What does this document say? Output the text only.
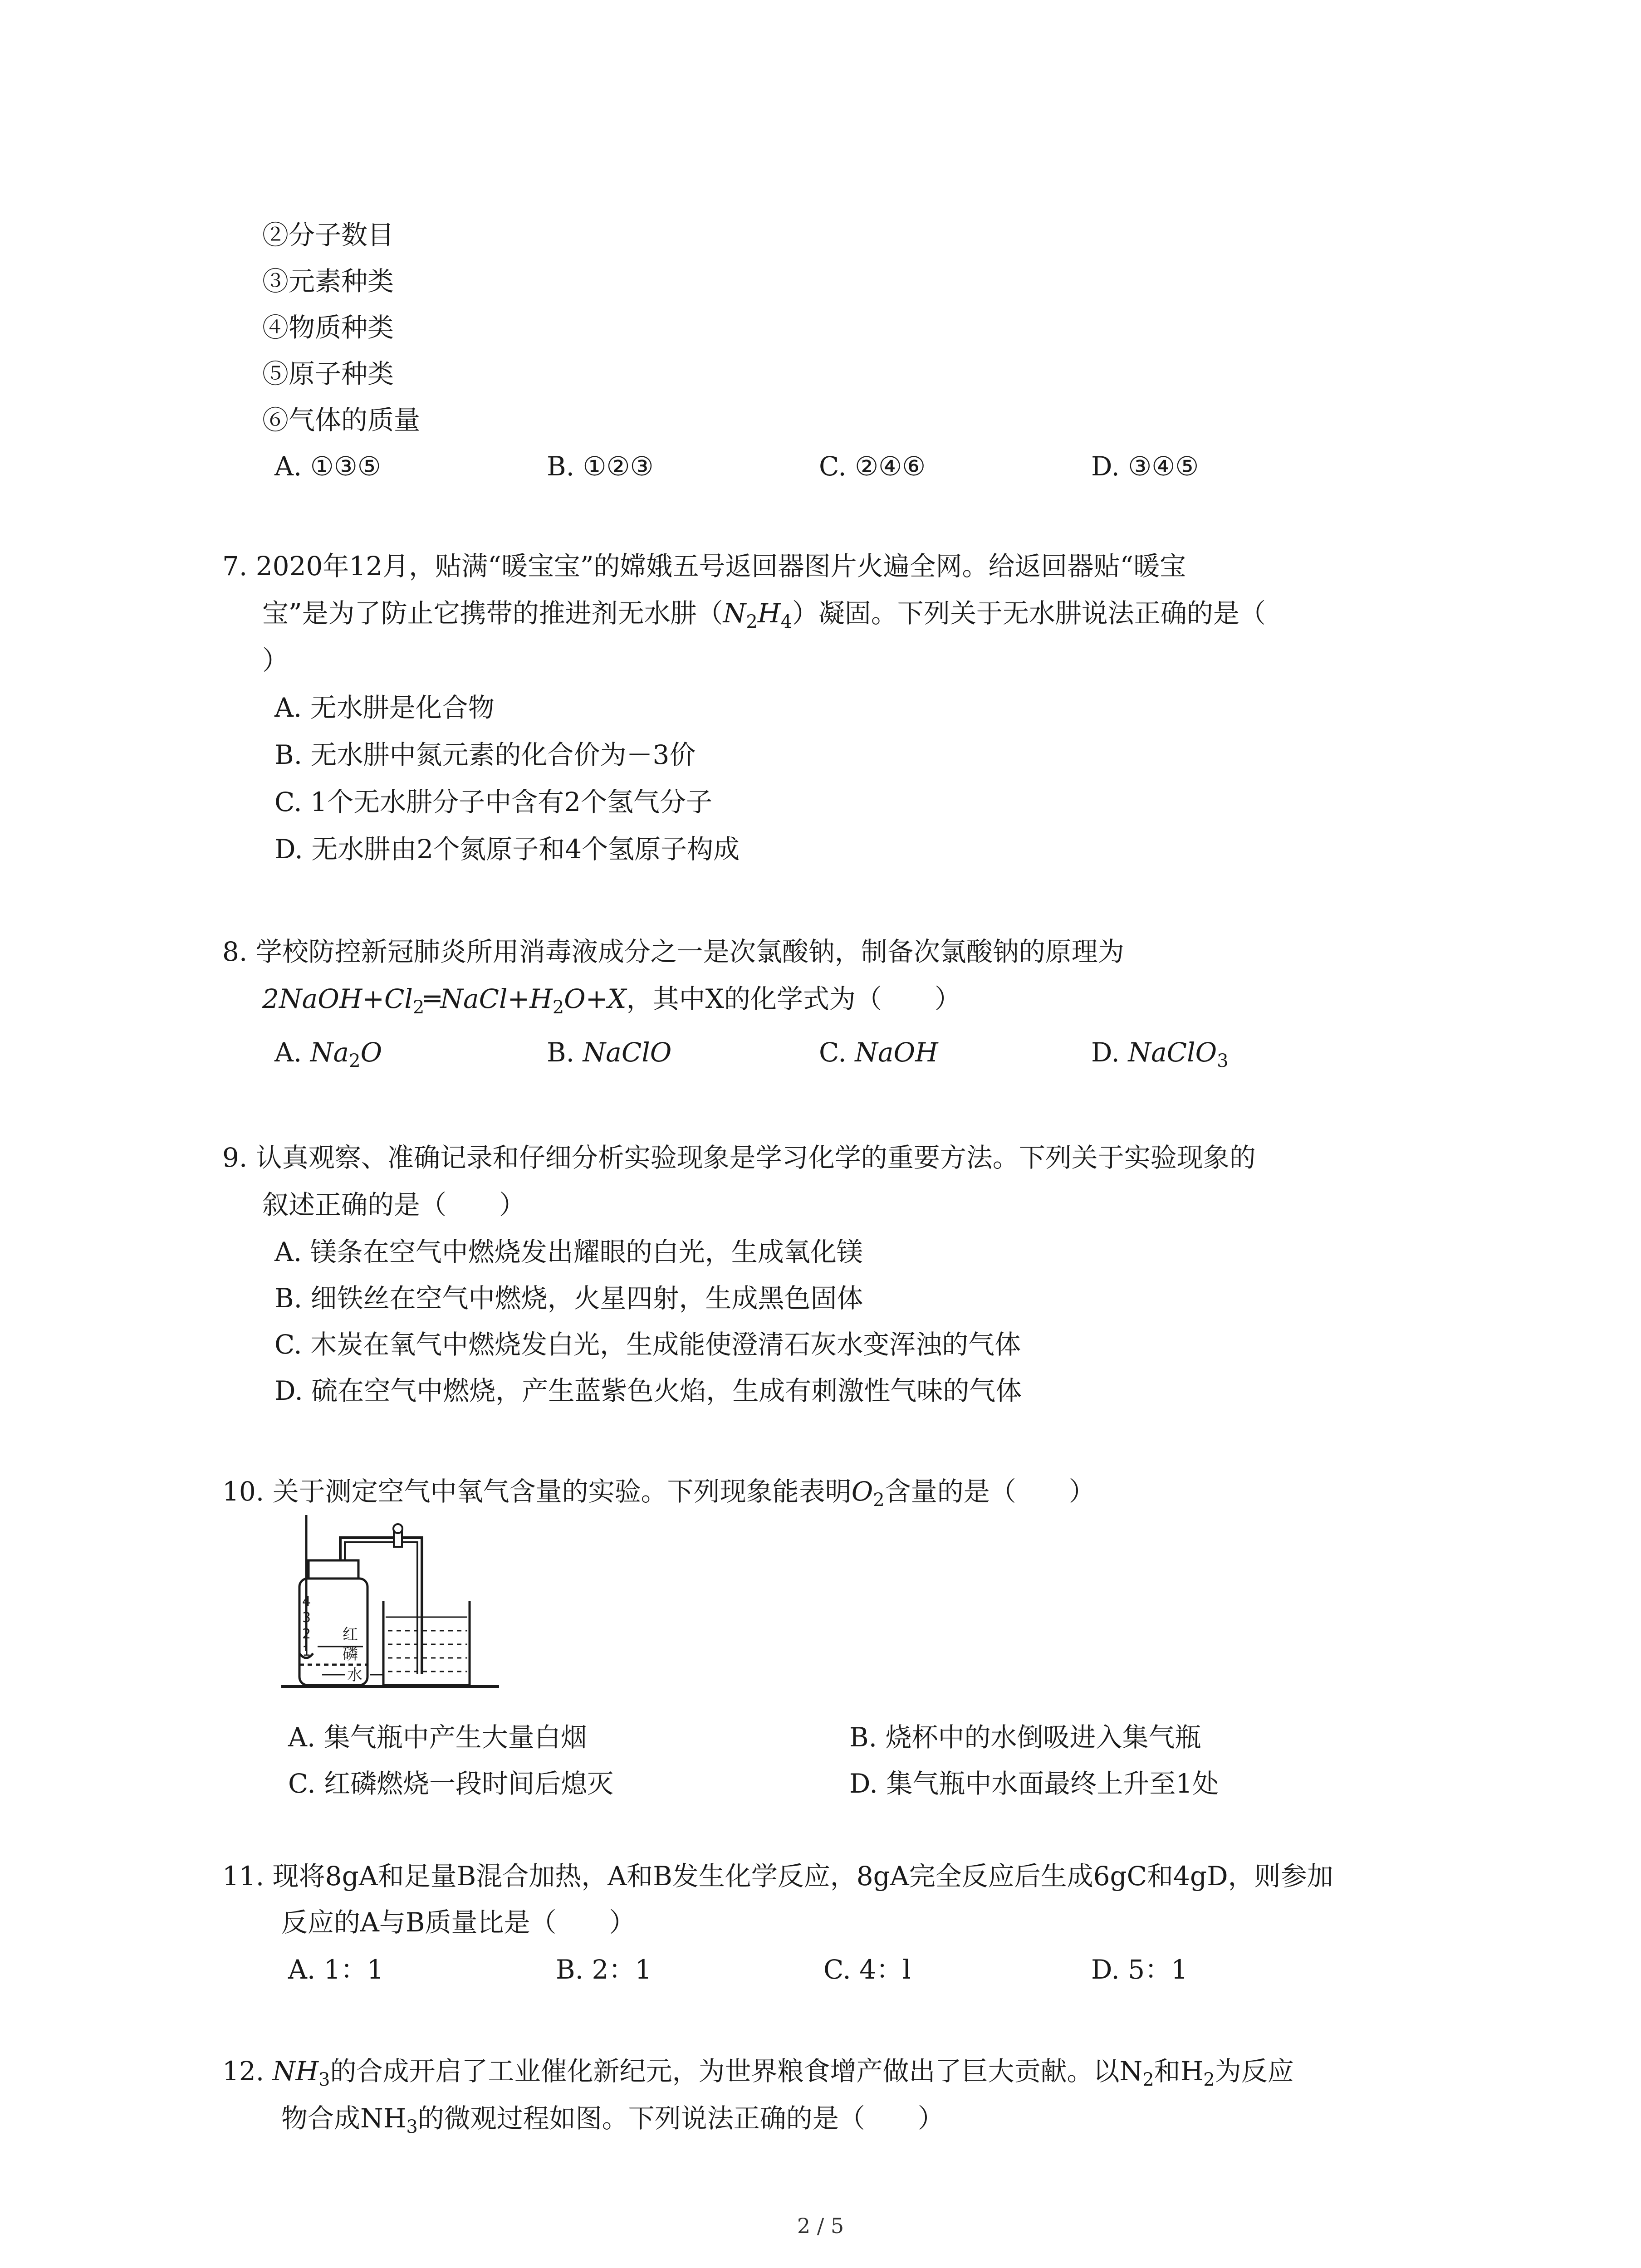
②分子数目
③元素种类
④物质种类
⑤原子种类
⑥气体的质量
A. ①③⑤	B. ①②③	C. ②④⑥	D. ③④⑤
7. 2020年12月，贴满“暖宝宝”的嫦娥五号返回器图片火遍全网。给返回器贴“暖宝
宝”是为了防止它携带的推进剂无水肼$(N_2H_4)$凝固。下列关于无水肼说法正确的是（
）
A. 无水肼是化合物
B. 无水肼中氮元素的化合价为－3价
C. 1个无水肼分子中含有2个氢气分子
D. 无水肼由2个氮原子和4个氢原子构成
8. 学校防控新冠肺炎所用消毒液成分之一是次氯酸钠，制备次氯酸钠的原理为
$2NaOH+Cl_2═NaCl+H_2O+X$，其中X的化学式为（　　）
A. $Na_2O$	B. NaClO	C. NaOH	D. NaClO$_3$
9. 认真观察、准确记录和仔细分析实验现象是学习化学的重要方法。下列关于实验现象的
叙述正确的是（　　）
A. 镁条在空气中燃烧发出耀眼的白光，生成氧化镁
B. 细铁丝在空气中燃烧，火星四射，生成黑色固体
C. 木炭在氧气中燃烧发白光，生成能使澄清石灰水变浑浊的气体
D. 硫在空气中燃烧，产生蓝紫色火焰，生成有刺激性气味的气体
10. 关于测定空气中氧气含量的实验。下列现象能表明$O_2$含量的是（　　）
4
3
2
1
红
磷
水
A. 集气瓶中产生大量白烟	B. 烧杯中的水倒吸进入集气瓶
C. 红磷燃烧一段时间后熄灭	D. 集气瓶中水面最终上升至1处
11. 现将8gA和足量B混合加热，A和B发生化学反应，8gA完全反应后生成6gC和4gD，则参加
反应的A与B质量比是（　　）
A. 1：1	B. 2：1	C. 4：l	D. 5：1
12. $NH_3$的合成开启了工业催化新纪元，为世界粮食增产做出了巨大贡献。以$N_2$和$H_2$为反应
物合成$NH_3$的微观过程如图。下列说法正确的是（　　）
2 / 5
